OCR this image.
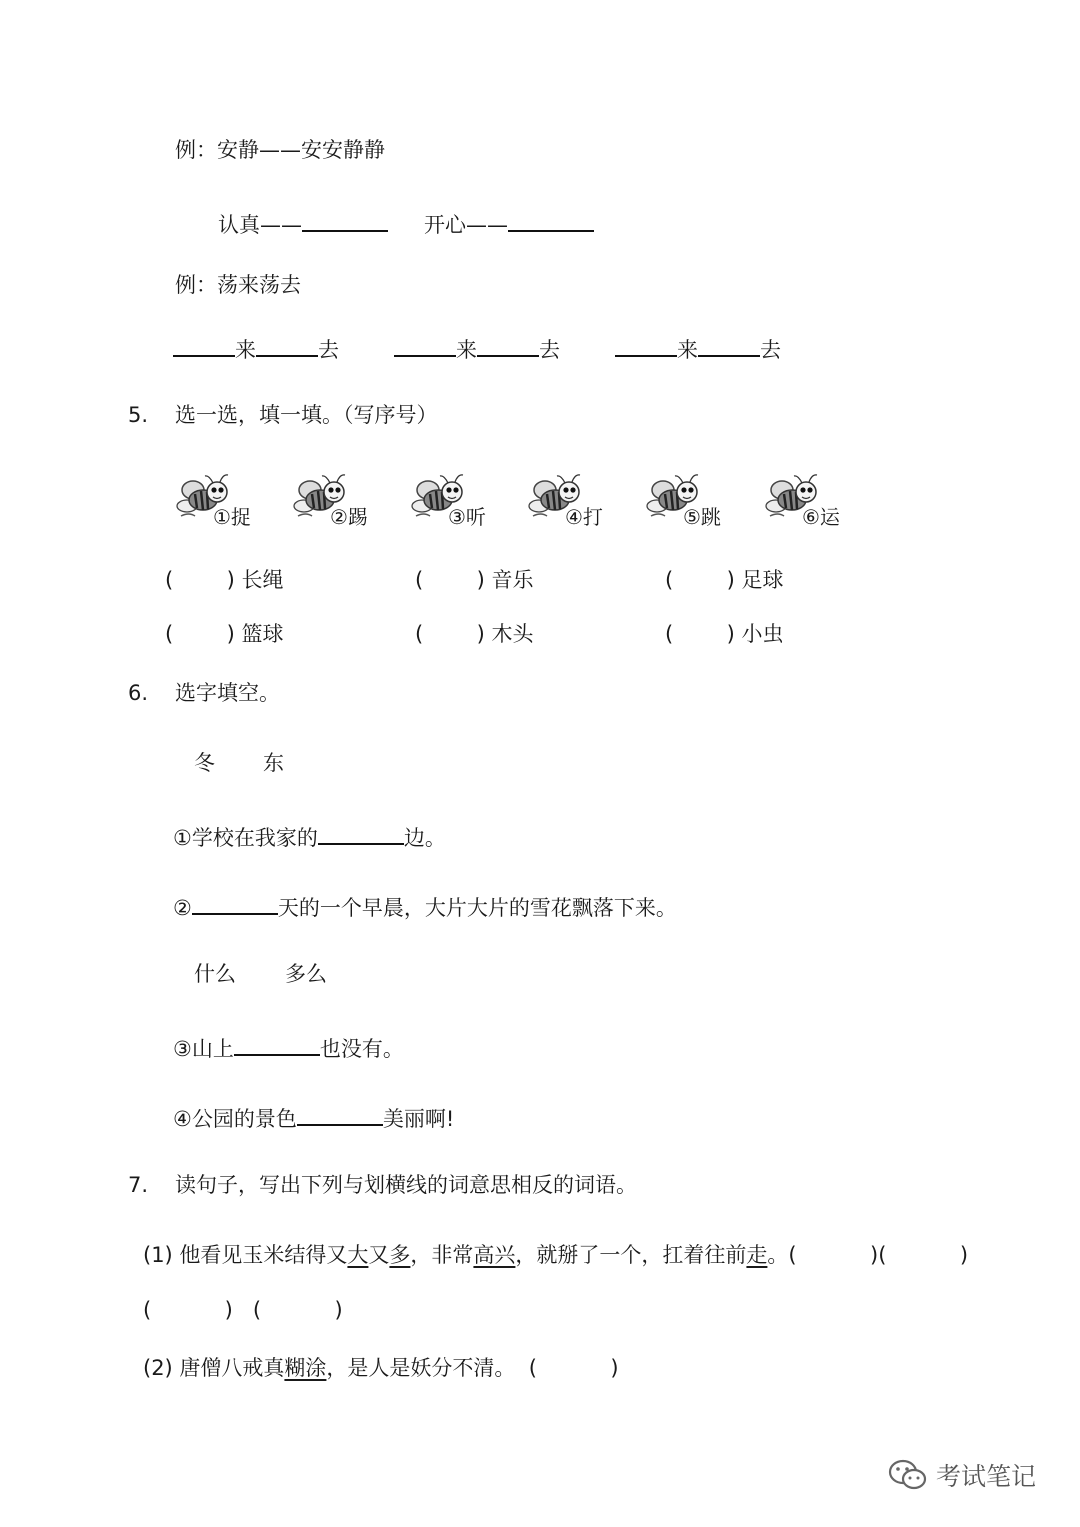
例：安静——安安静静
认真——	开心——
例：荡来荡去
来	去	来	去	来	去
5. 选一选，填一填。（写序号）
①捉	②踢	③听	④打	⑤跳	⑥运
(        ) 长绳	(        ) 音乐	(        ) 足球
(        ) 篮球	(        ) 木头	(        ) 小虫
6. 选字填空。
冬 东
①学校在我家的	边。
②	天的一个早晨，大片大片的雪花飘落下来。
什么 多么
③山上	也没有。
④公园的景色	美丽啊!
7. 读句子，写出下列与划横线的词意思相反的词语。
(1) 他看见玉米结得又大又多，非常高兴，就掰了一个，扛着往前走。(           )(           )
(           ) (           )
(2) 唐僧八戒真糊涂，是人是妖分不清。 (           )
考试笔记
